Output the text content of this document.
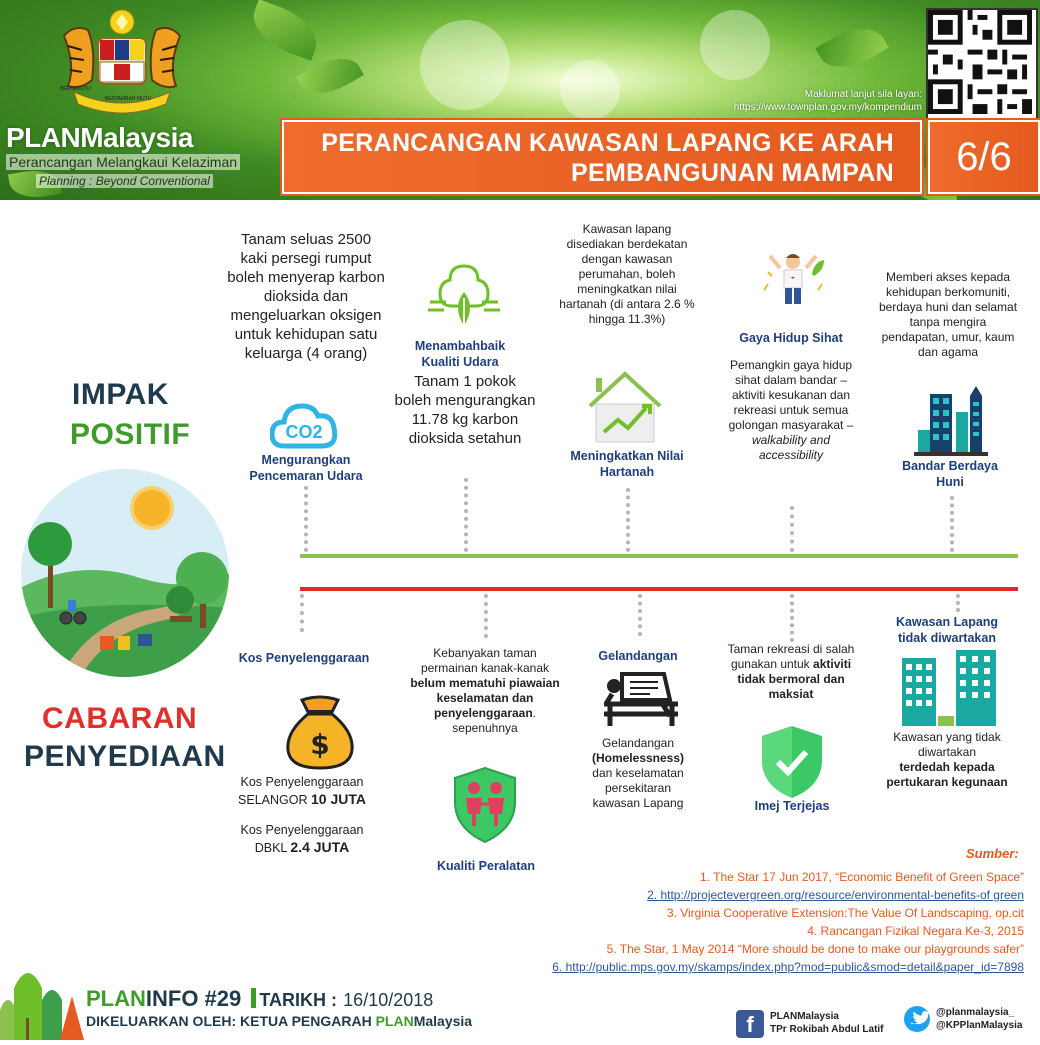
BERSEKUTU
BERTAMBAH MUTU
PLANMalaysia
Perancangan Melangkaui Kelaziman
Planning : Beyond Conventional
Maklumat lanjut sila layari:
https://www.townplan.gov.my/kompendium
PERANCANGAN KAWASAN LAPANG KE ARAH
PEMBANGUNAN MAMPAN	6/6
IMPAK
POSITIF
CABARAN
PENYEDIAAN
Tanam seluas 2500 kaki persegi rumput boleh menyerap karbon dioksida dan mengeluarkan oksigen untuk kehidupan satu keluarga (4 orang)
CO2
Mengurangkan Pencemaran Udara
Menambahbaik Kualiti Udara
Tanam 1 pokok boleh mengurangkan 11.78 kg karbon dioksida setahun
Kawasan lapang disediakan berdekatan dengan kawasan perumahan, boleh meningkatkan nilai hartanah (di antara 2.6 % hingga 11.3%)
Meningkatkan Nilai Hartanah
Gaya Hidup Sihat
Pemangkin gaya hidup sihat dalam bandar – aktiviti kesukanan dan rekreasi untuk semua golongan masyarakat – walkability and accessibility
Memberi akses kepada kehidupan berkomuniti, berdaya huni dan selamat tanpa mengira pendapatan, umur, kaum dan agama
Bandar Berdaya Huni
Kos Penyelenggaraan
$
Kos Penyelenggaraan
SELANGOR 10 JUTA
Kos Penyelenggaraan
DBKL 2.4 JUTA
Kebanyakan taman permainan kanak-kanak belum mematuhi piawaian keselamatan dan penyelenggaraan. sepenuhnya
Kualiti Peralatan
Gelandangan
Gelandangan
(Homelessness)
dan keselamatan persekitaran kawasan Lapang
Taman rekreasi di salah gunakan untuk aktiviti tidak bermoral dan maksiat
Imej Terjejas
Kawasan Lapang tidak diwartakan
Kawasan yang tidak diwartakan
terdedah kepada pertukaran kegunaan
Sumber:
1. The Star 17 Jun 2017, “Economic Benefit of Green Space”
2. http://projectevergreen.org/resource/environmental-benefits-of green
3. Virginia Cooperative Extension:The Value Of Landscaping, op.cit
4. Rancangan Fizikal Negara Ke-3, 2015
5. The Star, 1 May 2014 “More should be done to make our playgrounds safer”
6. http://public.mps.gov.my/skamps/index.php?mod=public&smod=detail&paper_id=7898
PLANINFO #29 TARIKH : 16/10/2018
DIKELUARKAN OLEH: KETUA PENGARAH PLANMalaysia	f	PLANMalaysia
TPr Rokibah Abdul Latif
@planmalaysia_
@KPPlanMalaysia
